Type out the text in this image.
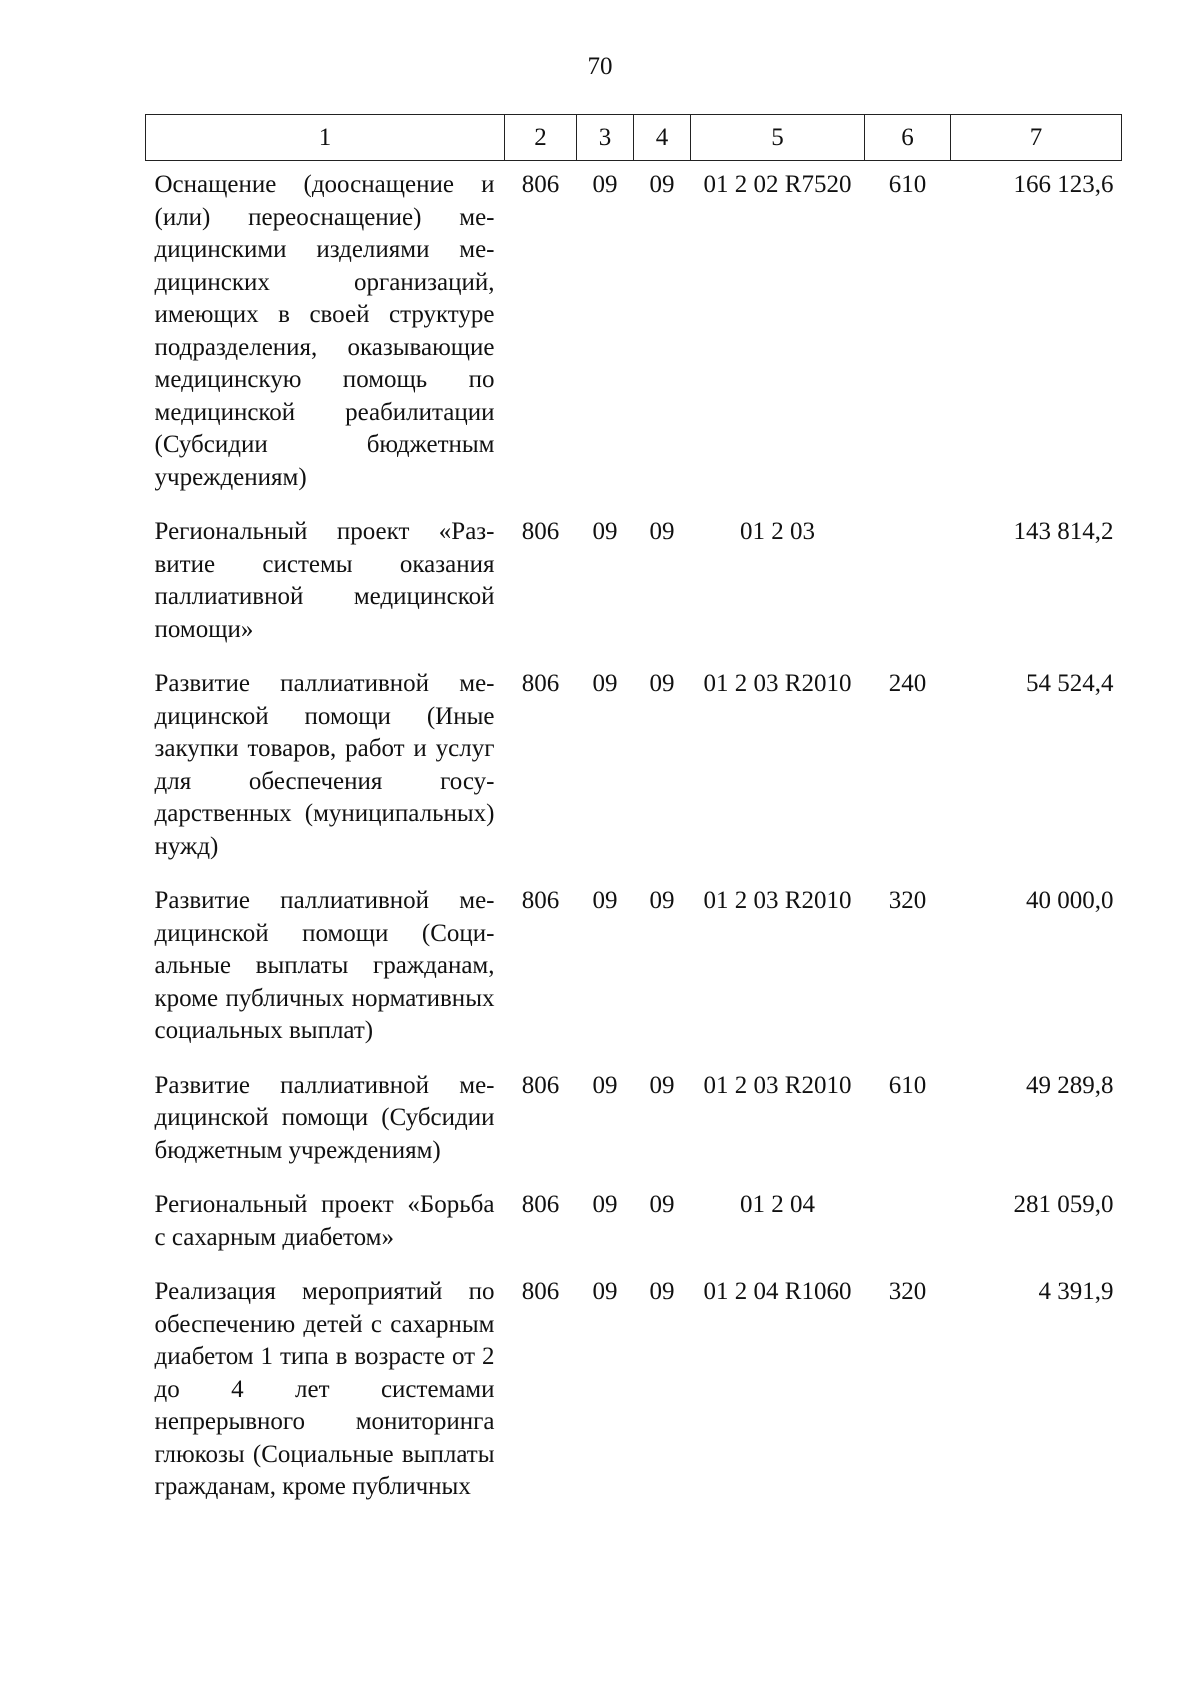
70
1	2	3	4	5	6	7
Оснащение (дооснащение и (или) переоснащение) медицинскими изделиями медицинских организаций, имеющих в своей структуре подразделения, оказывающие медицинскую помощь по медицинской реабилитации (Субсидии бюджетным учреждениям)	806	09	09	01 2 02 R7520	610	166 123,6
Региональный проект «Развитие системы оказания паллиативной медицинской помощи»	806	09	09	01 2 03		143 814,2
Развитие паллиативной медицинской помощи (Иные закупки товаров, работ и услуг для обеспечения государственных (муниципальных) нужд)	806	09	09	01 2 03 R2010	240	54 524,4
Развитие паллиативной медицинской помощи (Социальные выплаты гражданам, кроме публичных нормативных социальных выплат)	806	09	09	01 2 03 R2010	320	40 000,0
Развитие паллиативной медицинской помощи (Субсидии бюджетным учреждениям)	806	09	09	01 2 03 R2010	610	49 289,8
Региональный проект «Борьба с сахарным диабетом»	806	09	09	01 2 04		281 059,0
Реализация мероприятий по обеспечению детей с сахарным диабетом 1 типа в возрасте от 2 до 4 лет системами непрерывного мониторинга глюкозы (Социальные выплаты гражданам, кроме публичных	806	09	09	01 2 04 R1060	320	4 391,9
